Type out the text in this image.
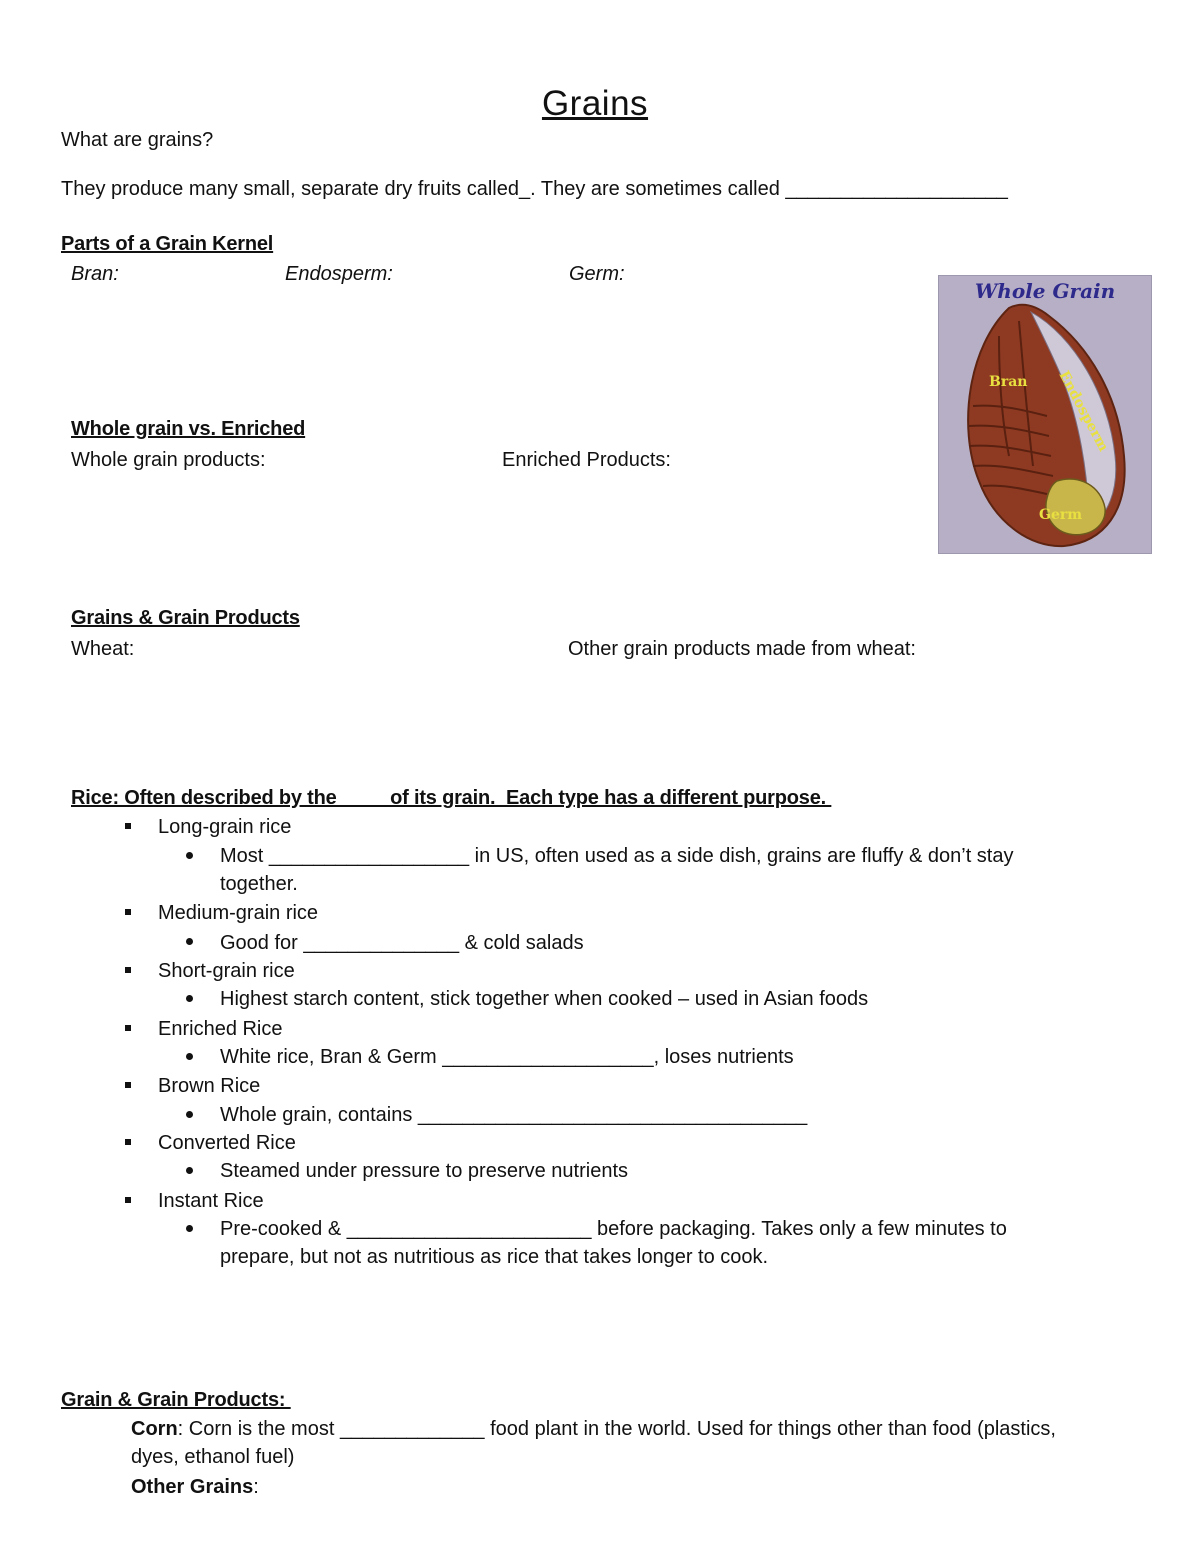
Grains
What are grains?
They produce many small, separate dry fruits called_. They are sometimes called ____________________
Parts of a Grain Kernel
Bran:	Endosperm:	Germ:
Whole Grain
Bran Endosperm
Germ
Whole grain vs. Enriched
Whole grain products:	Enriched Products:
Grains & Grain Products
Wheat:	Other grain products made from wheat:
Rice: Often described by the          of its grain.  Each type has a different purpose.
Long-grain rice
Most __________________ in US, often used as a side dish, grains are fluffy & don’t stay together.
Medium-grain rice
Good for ______________ & cold salads
Short-grain rice
Highest starch content, stick together when cooked – used in Asian foods
Enriched Rice
White rice, Bran & Germ ___________________, loses nutrients
Brown Rice
Whole grain, contains ___________________________________
Converted Rice
Steamed under pressure to preserve nutrients
Instant Rice
Pre-cooked & ______________________ before packaging. Takes only a few minutes to prepare, but not as nutritious as rice that takes longer to cook.
Grain & Grain Products:
Corn: Corn is the most _____________ food plant in the world. Used for things other than food (plastics, dyes, ethanol fuel)
Other Grains:
